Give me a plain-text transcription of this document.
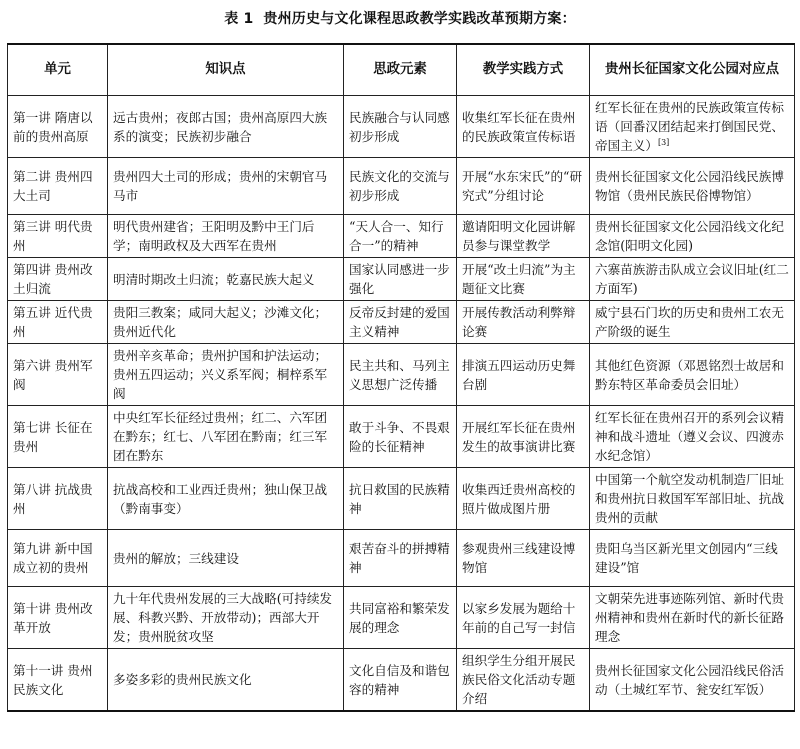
表 1 贵州历史与文化课程思政教学实践改革预期方案：
单元	知识点	思政元素	教学实践方式	贵州长征国家文化公园对应点
第一讲 隋唐以前的贵州高原	远古贵州；夜郎古国；贵州高原四大族系的演变；民族初步融合	民族融合与认同感初步形成	收集红军长征在贵州的民族政策宣传标语	红军长征在贵州的民族政策宣传标语（回番汉团结起来打倒国民党、帝国主义）[3]
第二讲 贵州四大土司	贵州四大土司的形成；贵州的宋朝官马马市	民族文化的交流与初步形成	开展“水东宋氏”的“研究式”分组讨论	贵州长征国家文化公园沿线民族博物馆（贵州民族民俗博物馆）
第三讲 明代贵州	明代贵州建省；王阳明及黔中王门后学；南明政权及大西军在贵州	“天人合一、知行合一”的精神	邀请阳明文化园讲解员参与课堂教学	贵州长征国家文化公园沿线文化纪念馆(阳明文化园)
第四讲 贵州改土归流	明清时期改土归流；乾嘉民族大起义	国家认同感进一步强化	开展“改土归流”为主题征文比赛	六寨苗族游击队成立会议旧址(红二方面军)
第五讲 近代贵州	贵阳三教案；咸同大起义；沙滩文化；贵州近代化	反帝反封建的爱国主义精神	开展传教活动利弊辩论赛	威宁县石门坎的历史和贵州工农无产阶级的诞生
第六讲 贵州军阀	贵州辛亥革命；贵州护国和护法运动；贵州五四运动；兴义系军阀；桐梓系军阀	民主共和、马列主义思想广泛传播	排演五四运动历史舞台剧	其他红色资源（邓恩铭烈士故居和黔东特区革命委员会旧址）
第七讲 长征在贵州	中央红军长征经过贵州；红二、六军团在黔东；红七、八军团在黔南；红三军团在黔东	敢于斗争、不畏艰险的长征精神	开展红军长征在贵州发生的故事演讲比赛	红军长征在贵州召开的系列会议精神和战斗遗址（遵义会议、四渡赤水纪念馆）
第八讲 抗战贵州	抗战高校和工业西迁贵州；独山保卫战（黔南事变）	抗日救国的民族精神	收集西迁贵州高校的照片做成图片册	中国第一个航空发动机制造厂旧址和贵州抗日救国军军部旧址、抗战贵州的贡献
第九讲 新中国成立初的贵州	贵州的解放；三线建设	艰苦奋斗的拼搏精神	参观贵州三线建设博物馆	贵阳乌当区新光里文创园内“三线建设”馆
第十讲 贵州改革开放	九十年代贵州发展的三大战略(可持续发展、科教兴黔、开放带动)；西部大开发；贵州脱贫攻坚	共同富裕和繁荣发展的理念	以家乡发展为题给十年前的自己写一封信	文朝荣先进事迹陈列馆、新时代贵州精神和贵州在新时代的新长征路理念
第十一讲 贵州民族文化	多姿多彩的贵州民族文化	文化自信及和谐包容的精神	组织学生分组开展民族民俗文化活动专题介绍	贵州长征国家文化公园沿线民俗活动（土城红军节、瓮安红军饭）
